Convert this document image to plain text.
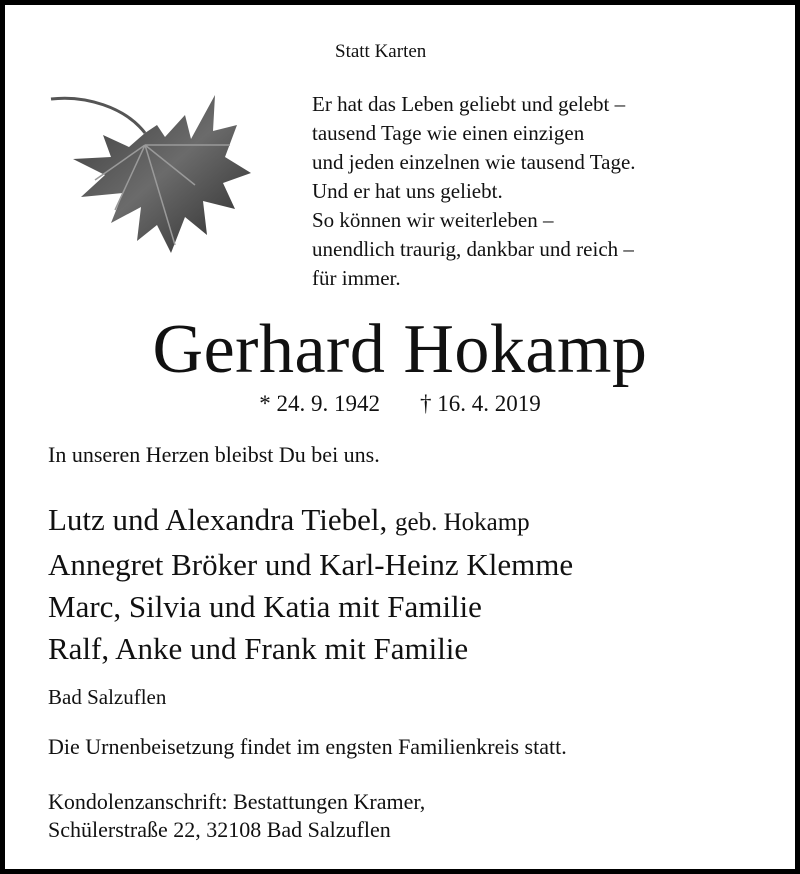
Statt Karten
Er hat das Leben geliebt und gelebt –
tausend Tage wie einen einzigen
und jeden einzelnen wie tausend Tage.
Und er hat uns geliebt.
So können wir weiterleben –
unendlich traurig, dankbar und reich –
für immer.
Gerhard Hokamp
* 24. 9. 1942 † 16. 4. 2019
In unseren Herzen bleibst Du bei uns.
Lutz und Alexandra Tiebel, geb. Hokamp
Annegret Bröker und Karl-Heinz Klemme
Marc, Silvia und Katia mit Familie
Ralf, Anke und Frank mit Familie
Bad Salzuflen
Die Urnenbeisetzung findet im engsten Familienkreis statt.
Kondolenzanschrift: Bestattungen Kramer,
Schülerstraße 22, 32108 Bad Salzuflen
